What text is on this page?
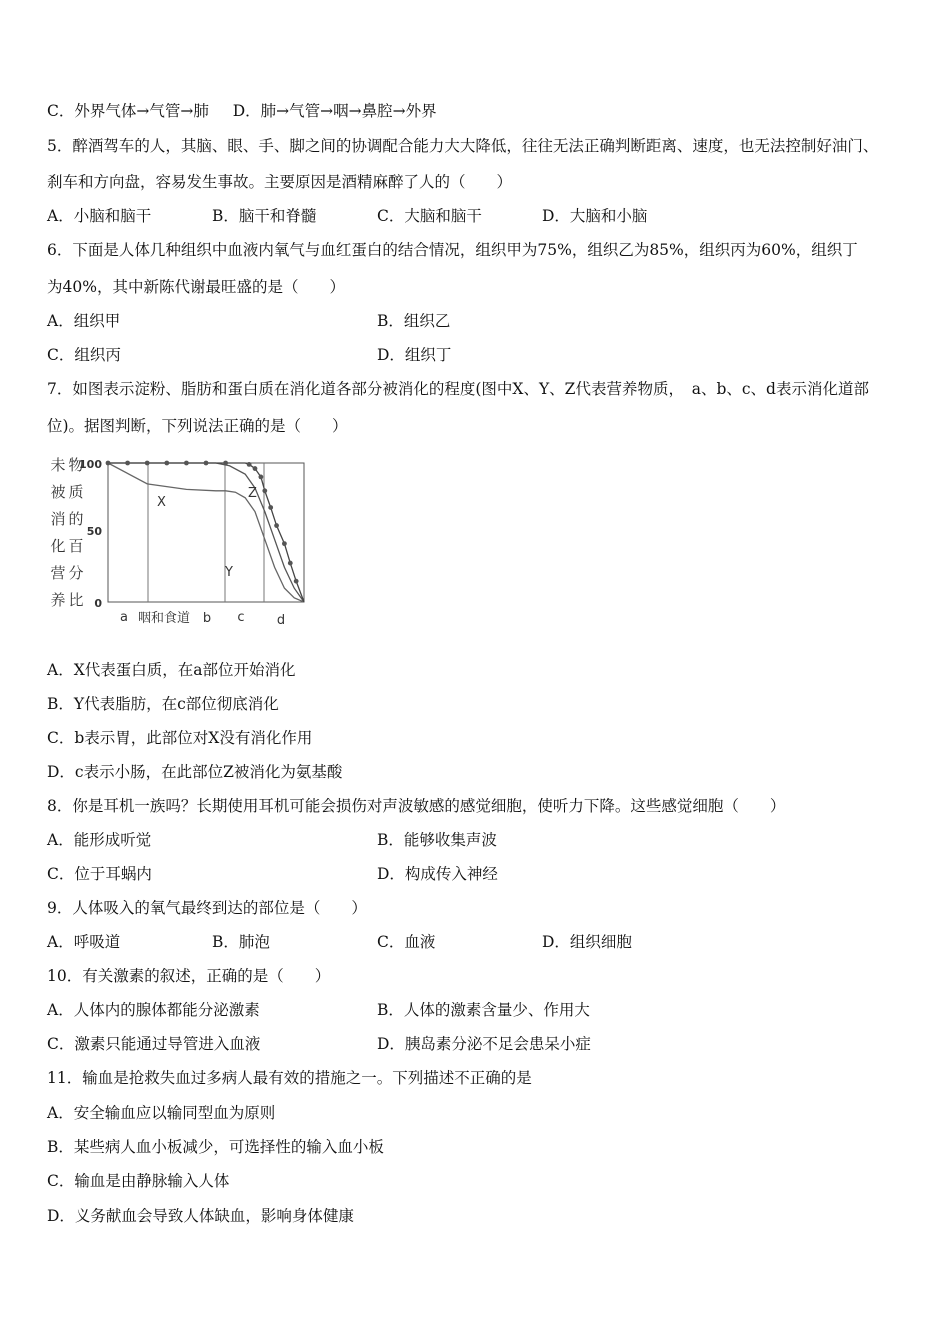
C．外界气体→气管→肺 D．肺→气管→咽→鼻腔→外界
5．醉酒驾车的人，其脑、眼、手、脚之间的协调配合能力大大降低，往往无法正确判断距离、速度，也无法控制好油门、
刹车和方向盘，容易发生事故。主要原因是酒精麻醉了人的（　　）
A．小脑和脑干	B．脑干和脊髓	C．大脑和脑干	D．大脑和小脑
6．下面是人体几种组织中血液内氧气与血红蛋白的结合情况，组织甲为75%，组织乙为85%，组织丙为60%，组织丁
为40%，其中新陈代谢最旺盛的是（　　）
A．组织甲	B．组织乙
C．组织丙	D．组织丁
7．如图表示淀粉、脂肪和蛋白质在消化道各部分被消化的程度(图中X、Y、Z代表营养物质，　a、b、c、d表示消化道部
位)。据图判断，下列说法正确的是（　　）
未
被
消
化
营
养
物
质
的
百
分
比
100
50
0
X
Y
Z
a 咽和食道 b c d
A．X代表蛋白质，在a部位开始消化
B．Y代表脂肪，在c部位彻底消化
C．b表示胃，此部位对X没有消化作用
D．c表示小肠，在此部位Z被消化为氨基酸
8．你是耳机一族吗？长期使用耳机可能会损伤对声波敏感的感觉细胞，使听力下降。这些感觉细胞（　　）
A．能形成听觉	B．能够收集声波
C．位于耳蜗内	D．构成传入神经
9．人体吸入的氧气最终到达的部位是（　　）
A．呼吸道	B．肺泡	C．血液	D．组织细胞
10．有关激素的叙述，正确的是（　　）
A．人体内的腺体都能分泌激素	B．人体的激素含量少、作用大
C．激素只能通过导管进入血液	D．胰岛素分泌不足会患呆小症
11．输血是抢救失血过多病人最有效的措施之一。下列描述不正确的是
A．安全输血应以输同型血为原则
B．某些病人血小板减少，可选择性的输入血小板
C．输血是由静脉输入人体
D．义务献血会导致人体缺血，影响身体健康
